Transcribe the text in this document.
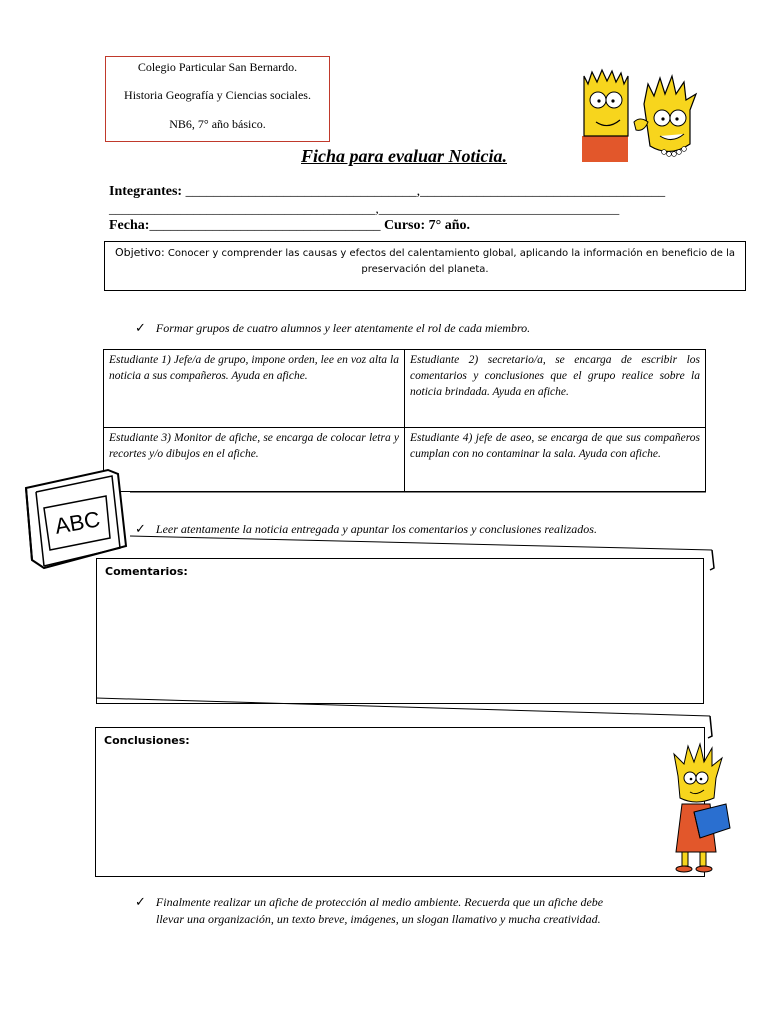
Colegio Particular San Bernardo.
Historia Geografía y Ciencias sociales.
NB6, 7° año básico.
Ficha para evaluar Noticia.
Integrantes: _________________________________,___________________________________
_________________________________________,_____________________________________
Fecha:_________________________________ Curso: 7° año.
Objetivo: Conocer y comprender las causas y efectos del calentamiento global, aplicando la información en beneficio de la
preservación del planeta.
✓ Formar grupos de cuatro alumnos y leer atentamente el rol de cada miembro.
Estudiante 1) Jefe/a de grupo, impone orden, lee en voz alta la noticia a sus compañeros. Ayuda en afiche.	Estudiante 2) secretario/a, se encarga de escribir los comentarios y conclusiones que el grupo realice sobre la noticia brindada. Ayuda en afiche.
Estudiante 3) Monitor de afiche, se encarga de colocar letra y recortes y/o dibujos en el afiche.	Estudiante 4) jefe de aseo, se encarga de que sus compañeros cumplan con no contaminar la sala. Ayuda con afiche.
ABC	✓ Leer atentamente la noticia entregada y apuntar los comentarios y conclusiones realizados.
Comentarios:
Conclusiones:
✓ Finalmente realizar un afiche de protección al medio ambiente. Recuerda que un afiche debe
llevar una organización, un texto breve, imágenes, un slogan llamativo y mucha creatividad.
